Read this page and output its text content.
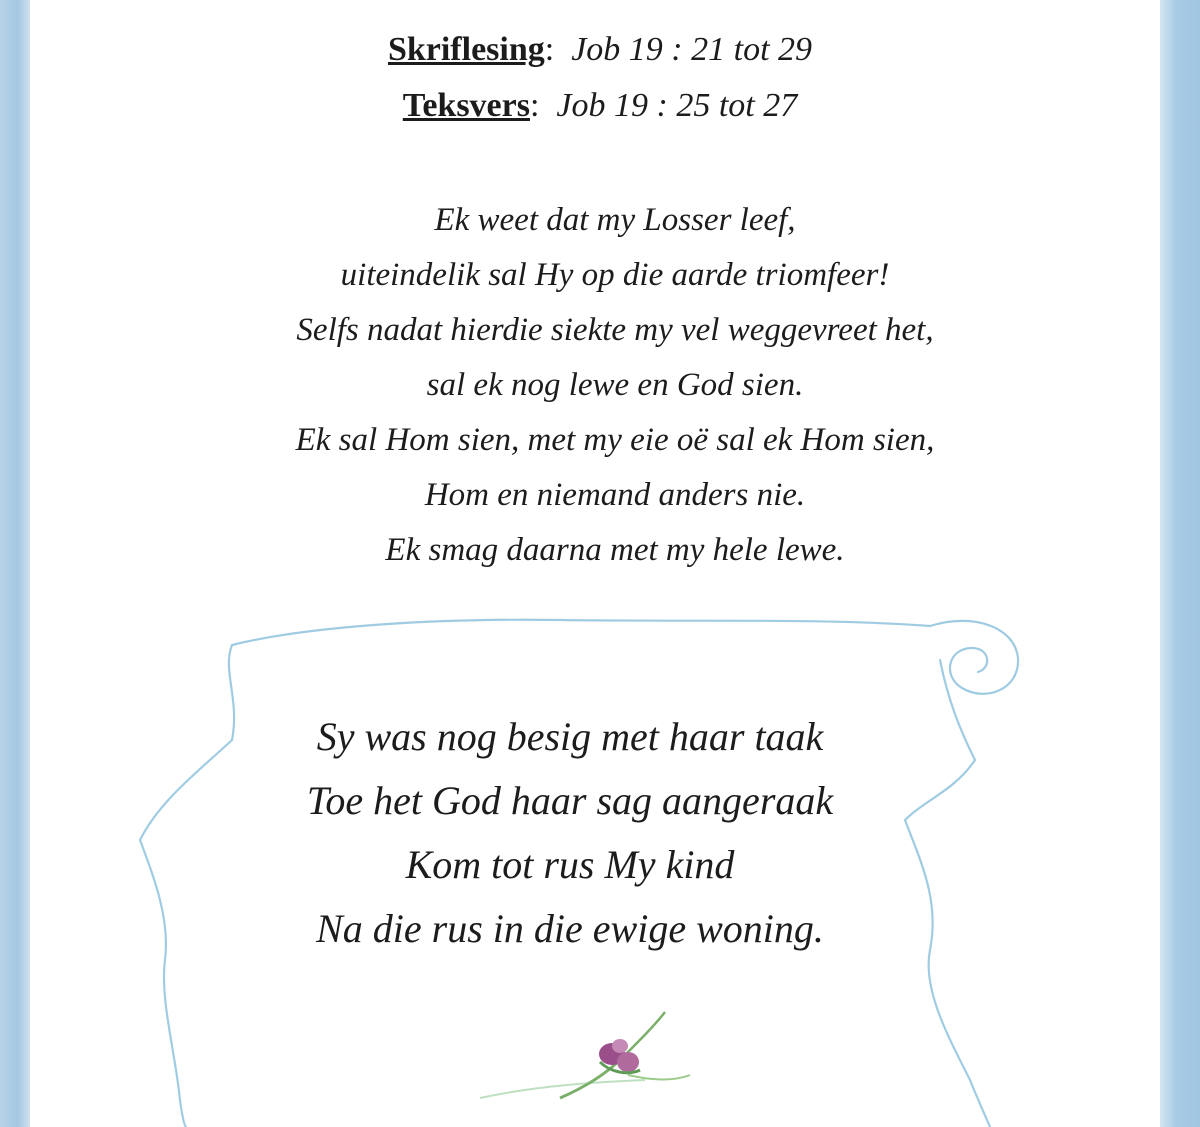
Skriflesing:  Job 19 : 21 tot 29
Teksvers:  Job 19 : 25 tot 27
Ek weet dat my Losser leef,
uiteindelik sal Hy op die aarde triomfeer!
Selfs nadat hierdie siekte my vel weggevreet het,
sal ek nog lewe en God sien.
Ek sal Hom sien, met my eie oë sal ek Hom sien,
Hom en niemand anders nie.
Ek smag daarna met my hele lewe.
Sy was nog besig met haar taak
Toe het God haar sag aangeraak
Kom tot rus My kind
Na die rus in die ewige woning.
